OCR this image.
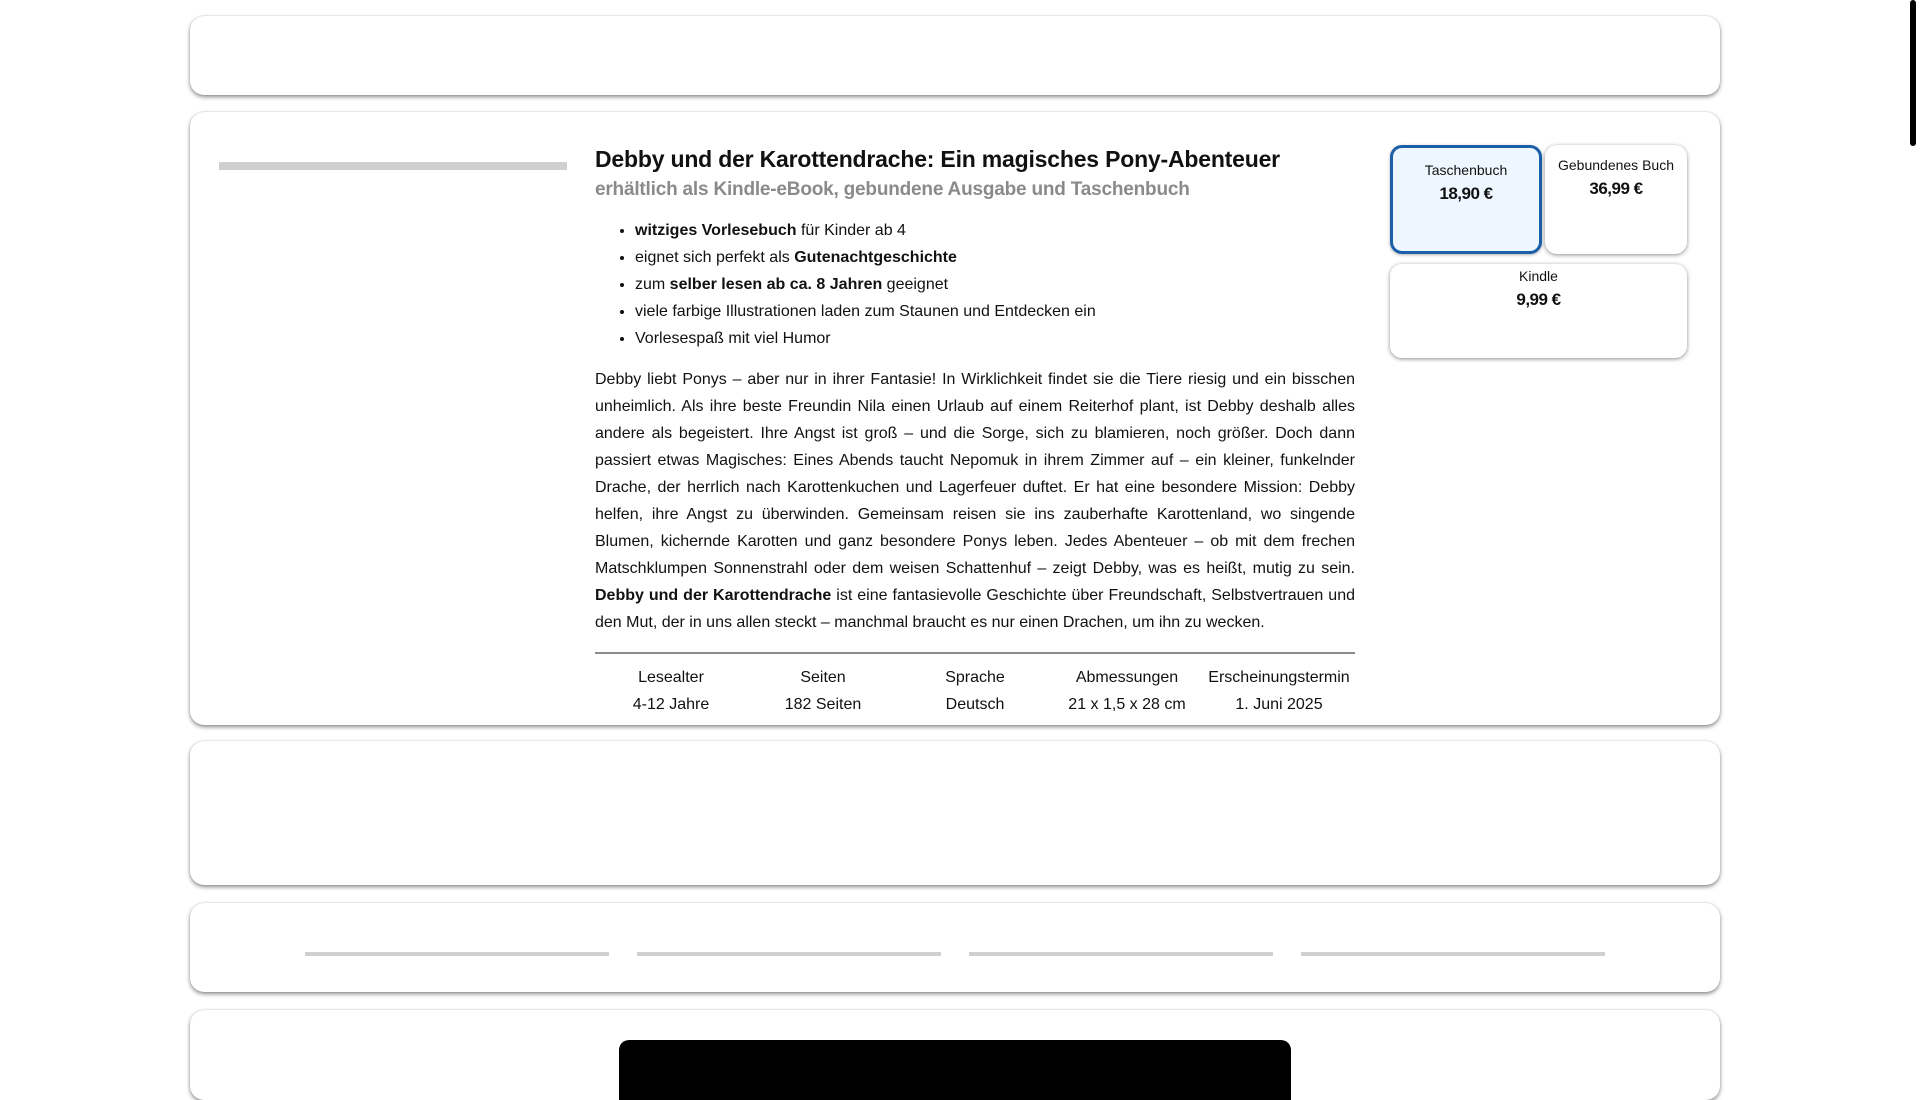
Debby und der Karottendrache: Ein magisches Pony-Abenteuer
erhältlich als Kindle-eBook, gebundene Ausgabe und Taschenbuch
• witziges Vorlesebuch für Kinder ab 4
• eignet sich perfekt als Gutenachtgeschichte
• zum selber lesen ab ca. 8 Jahren geeignet
• viele farbige Illustrationen laden zum Staunen und Entdecken ein
• Vorlesespaß mit viel Humor

Debby liebt Ponys – aber nur in ihrer Fantasie! In Wirklichkeit findet sie die Tiere riesig und ein bisschen unheimlich. Als ihre beste Freundin Nila einen Urlaub auf einem Reiterhof plant, ist Debby deshalb alles andere als begeistert. Ihre Angst ist groß – und die Sorge, sich zu blamieren, noch größer. Doch dann passiert etwas Magisches: Eines Abends taucht Nepomuk in ihrem Zimmer auf – ein kleiner, funkelnder Drache, der herrlich nach Karottenkuchen und Lagerfeuer duftet. Er hat eine besondere Mission: Debby helfen, ihre Angst zu überwinden. Gemeinsam reisen sie ins zauberhafte Karottenland, wo singende Blumen, kichernde Karotten und ganz besondere Ponys leben. Jedes Abenteuer – ob mit dem frechen Matschklumpen Sonnenstrahl oder dem weisen Schattenhuf – zeigt Debby, was es heißt, mutig zu sein. Debby und der Karottendrache ist eine fantasievolle Geschichte über Freundschaft, Selbstvertrauen und den Mut, der in uns allen steckt – manchmal braucht es nur einen Drachen, um ihn zu wecken.

Lesealter
4-12 Jahre
Seiten
182 Seiten
Sprache
Deutsch
Abmessungen
21 x 1,5 x 28 cm
Erscheinungstermin
1. Juni 2025
Taschenbuch
18,90 €
Gebundenes Buch
36,99 €
Kindle
9,99 €
